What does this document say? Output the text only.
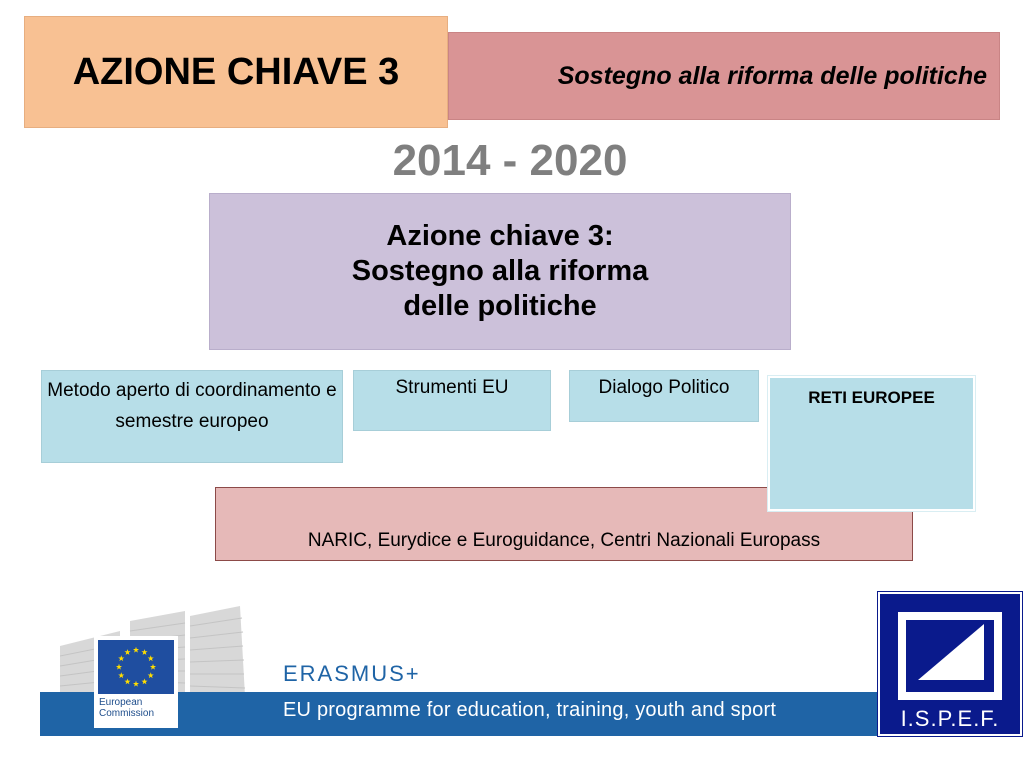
AZIONE CHIAVE 3	Sostegno alla riforma delle politiche
2014 - 2020
Azione chiave 3:
Sostegno alla riforma
delle politiche
Metodo aperto di coordinamento e semestre europeo
Strumenti EU	Dialogo Politico
NARIC, Eurydice e Euroguidance, Centri Nazionali Europass
RETI EUROPEE
ERASMUS+
EU programme for education, training, youth and sport
European
Commission	I.S.P.E.F.
